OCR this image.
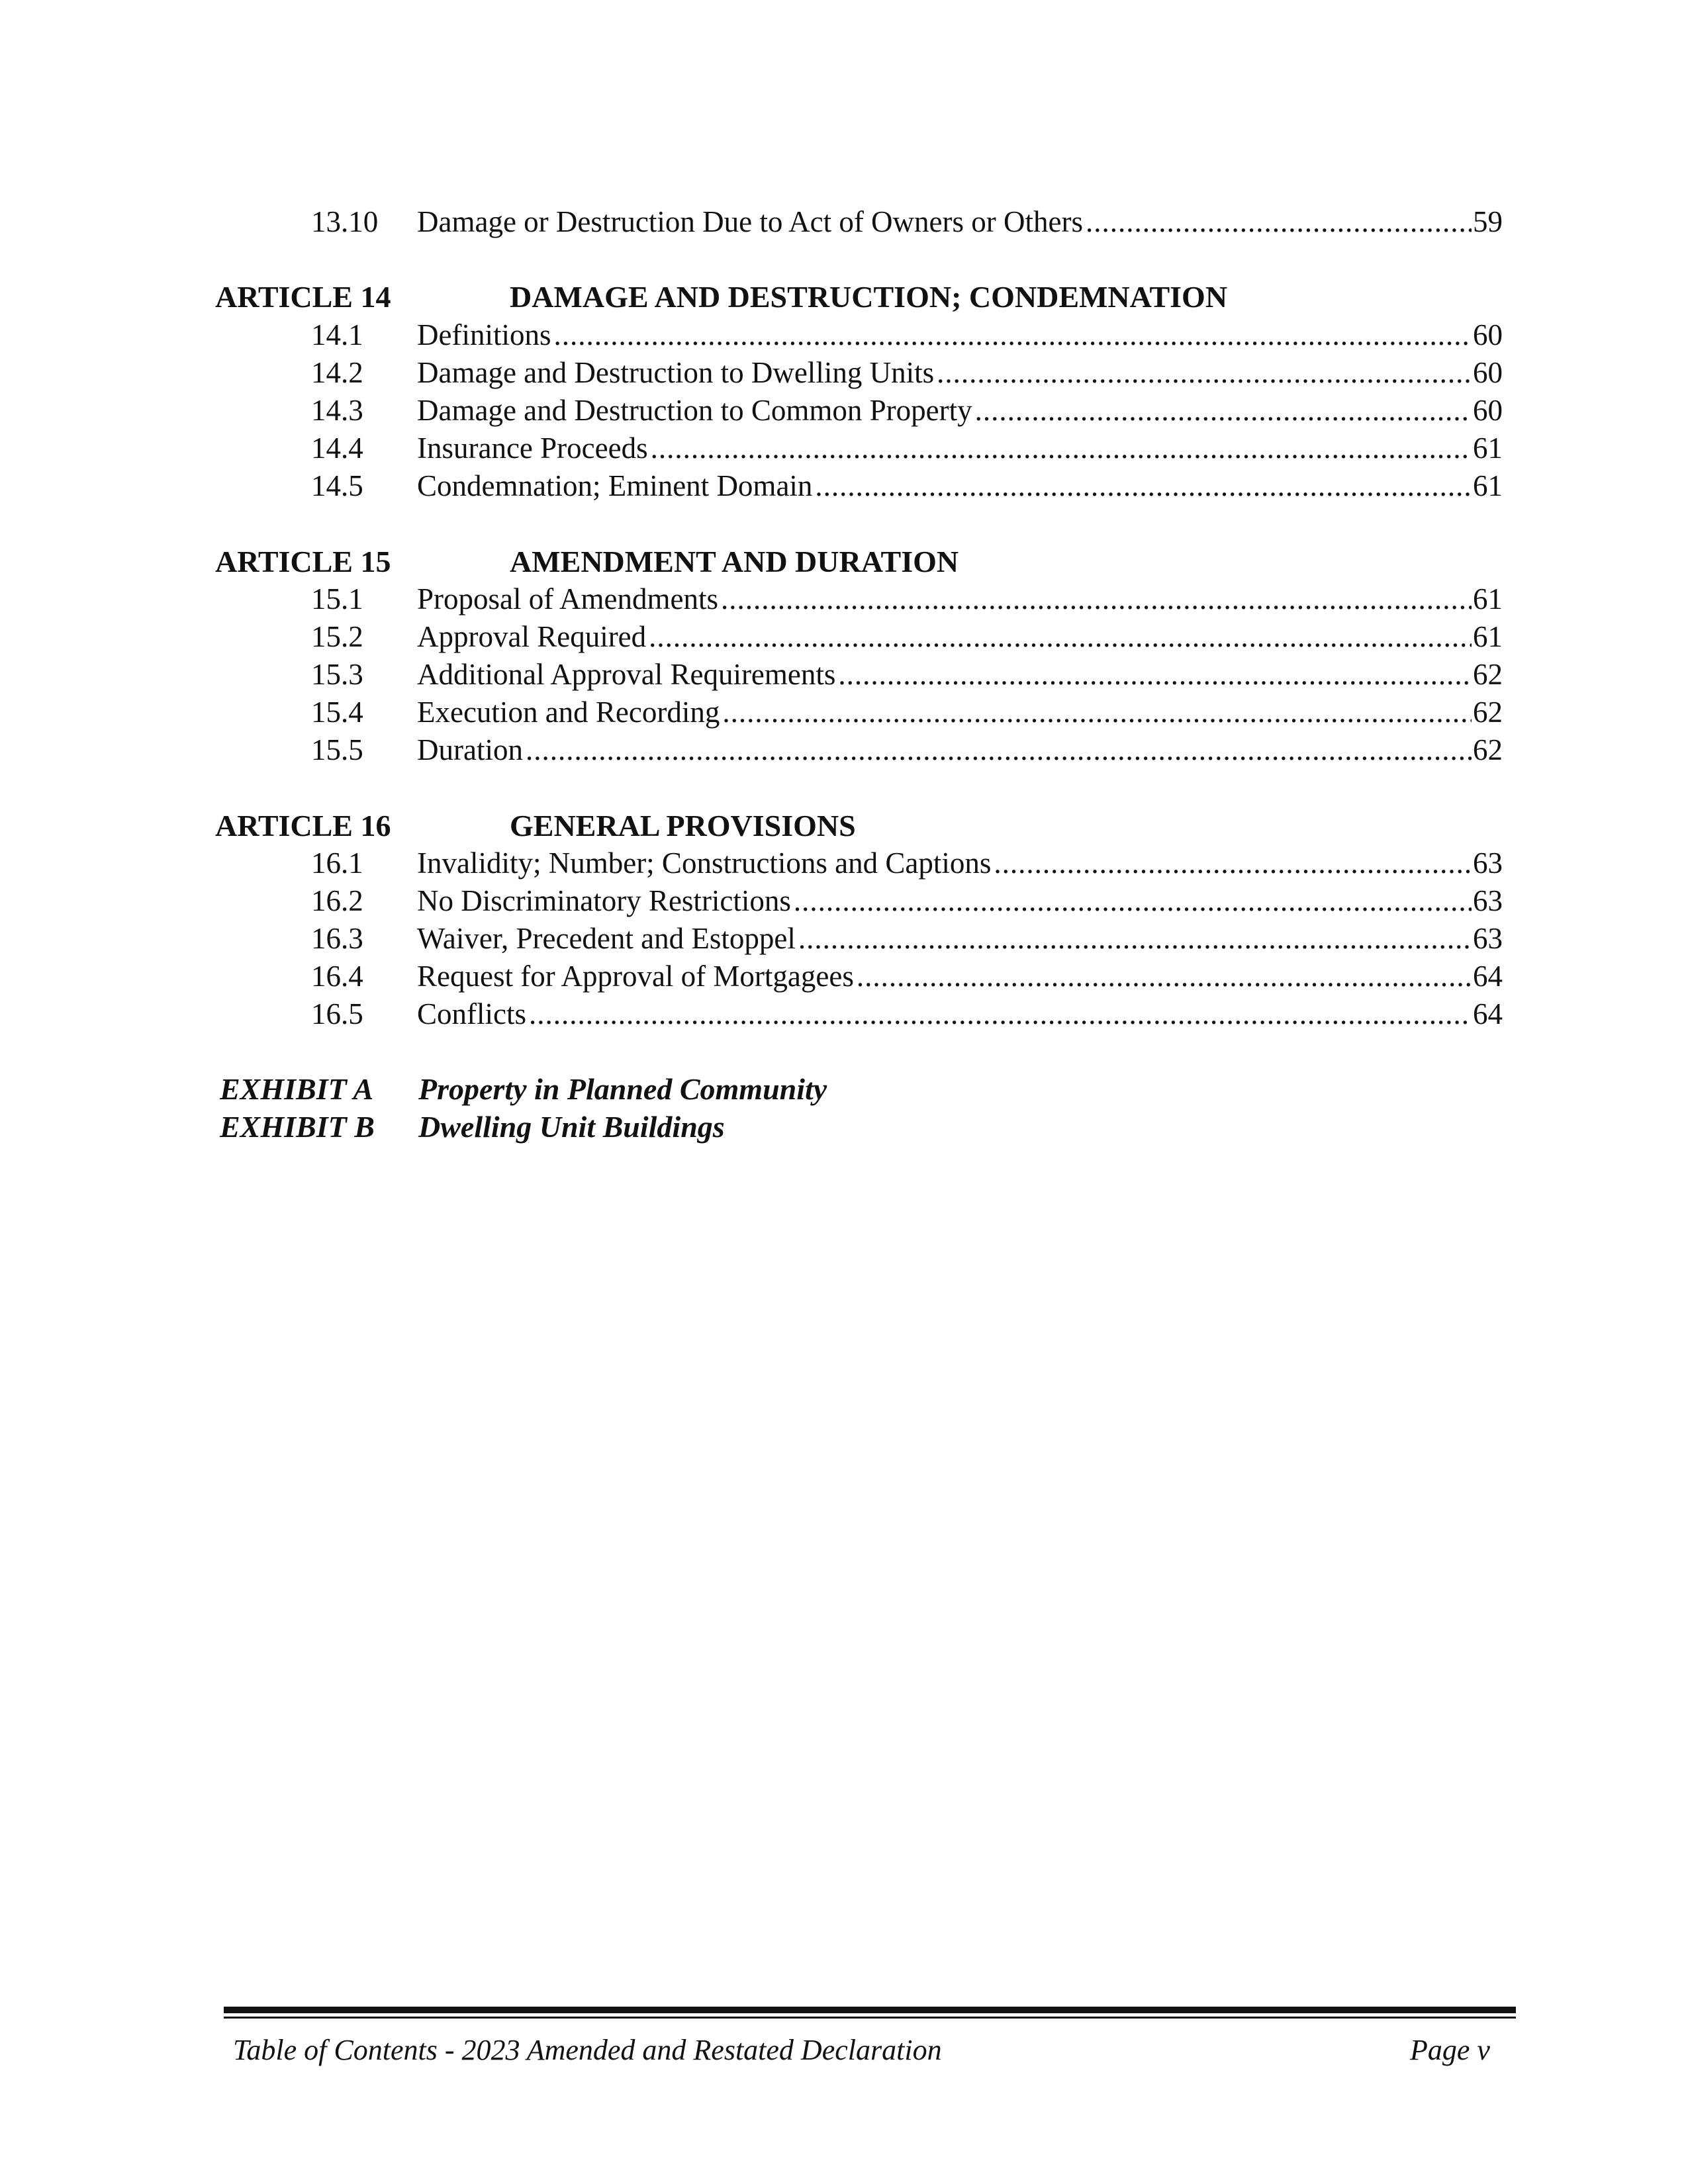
13.10	Damage or Destruction Due to Act of Owners or Others .....	59
ARTICLE 14	DAMAGE AND DESTRUCTION; CONDEMNATION
14.1	Definitions .....	60
14.2	Damage and Destruction to Dwelling Units .....	60
14.3	Damage and Destruction to Common Property .....	60
14.4	Insurance Proceeds .....	61
14.5	Condemnation; Eminent Domain .....	61
ARTICLE 15	AMENDMENT AND DURATION
15.1	Proposal of Amendments .....	61
15.2	Approval Required .....	61
15.3	Additional Approval Requirements .....	62
15.4	Execution and Recording .....	62
15.5	Duration .....	62
ARTICLE 16	GENERAL PROVISIONS
16.1	Invalidity; Number; Constructions and Captions .....	63
16.2	No Discriminatory Restrictions .....	63
16.3	Waiver, Precedent and Estoppel .....	63
16.4	Request for Approval of Mortgagees .....	64
16.5	Conflicts .....	64
EXHIBIT A Property in Planned Community
EXHIBIT B Dwelling Unit Buildings
Table of Contents - 2023 Amended and Restated Declaration	Page v
